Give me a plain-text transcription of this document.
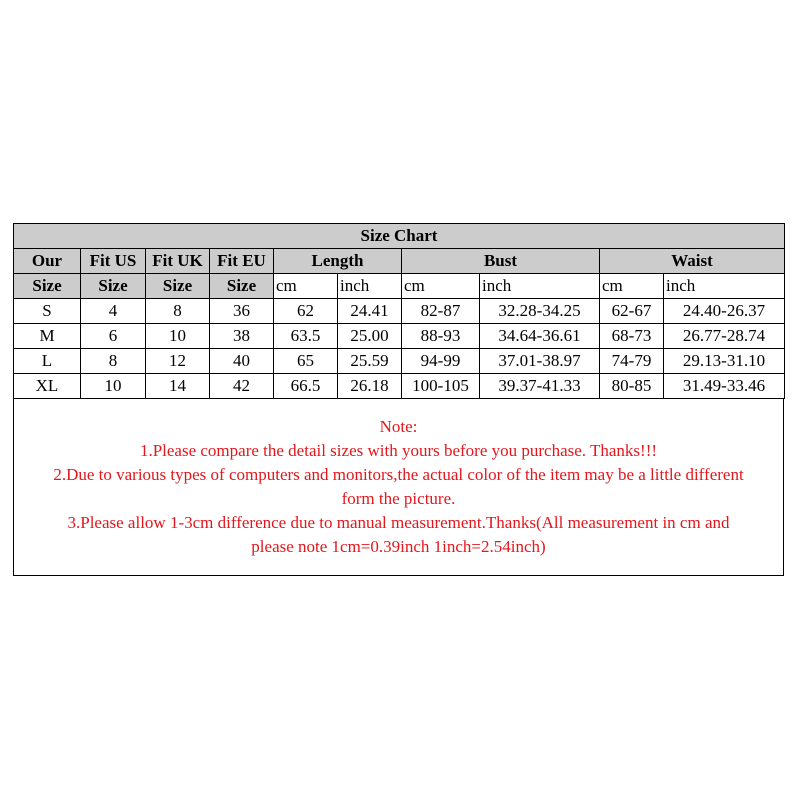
Size Chart									
Our	Fit US	Fit UK	Fit EU	Length		Bust		Waist	
Size	Size	Size	Size	cm	inch	cm	inch	cm	inch
S	4	8	36	62	24.41	82-87	32.28-34.25	62-67	24.40-26.37
M	6	10	38	63.5	25.00	88-93	34.64-36.61	68-73	26.77-28.74
L	8	12	40	65	25.59	94-99	37.01-38.97	74-79	29.13-31.10
XL	10	14	42	66.5	26.18	100-105	39.37-41.33	80-85	31.49-33.46
Note:
1.Please compare the detail sizes with yours before you purchase. Thanks!!!
2.Due to various types of computers and monitors,the actual color of the item may be a little different
form the picture.
3.Please allow 1-3cm difference due to manual measurement.Thanks(All measurement in cm and
please note 1cm=0.39inch 1inch=2.54inch)
